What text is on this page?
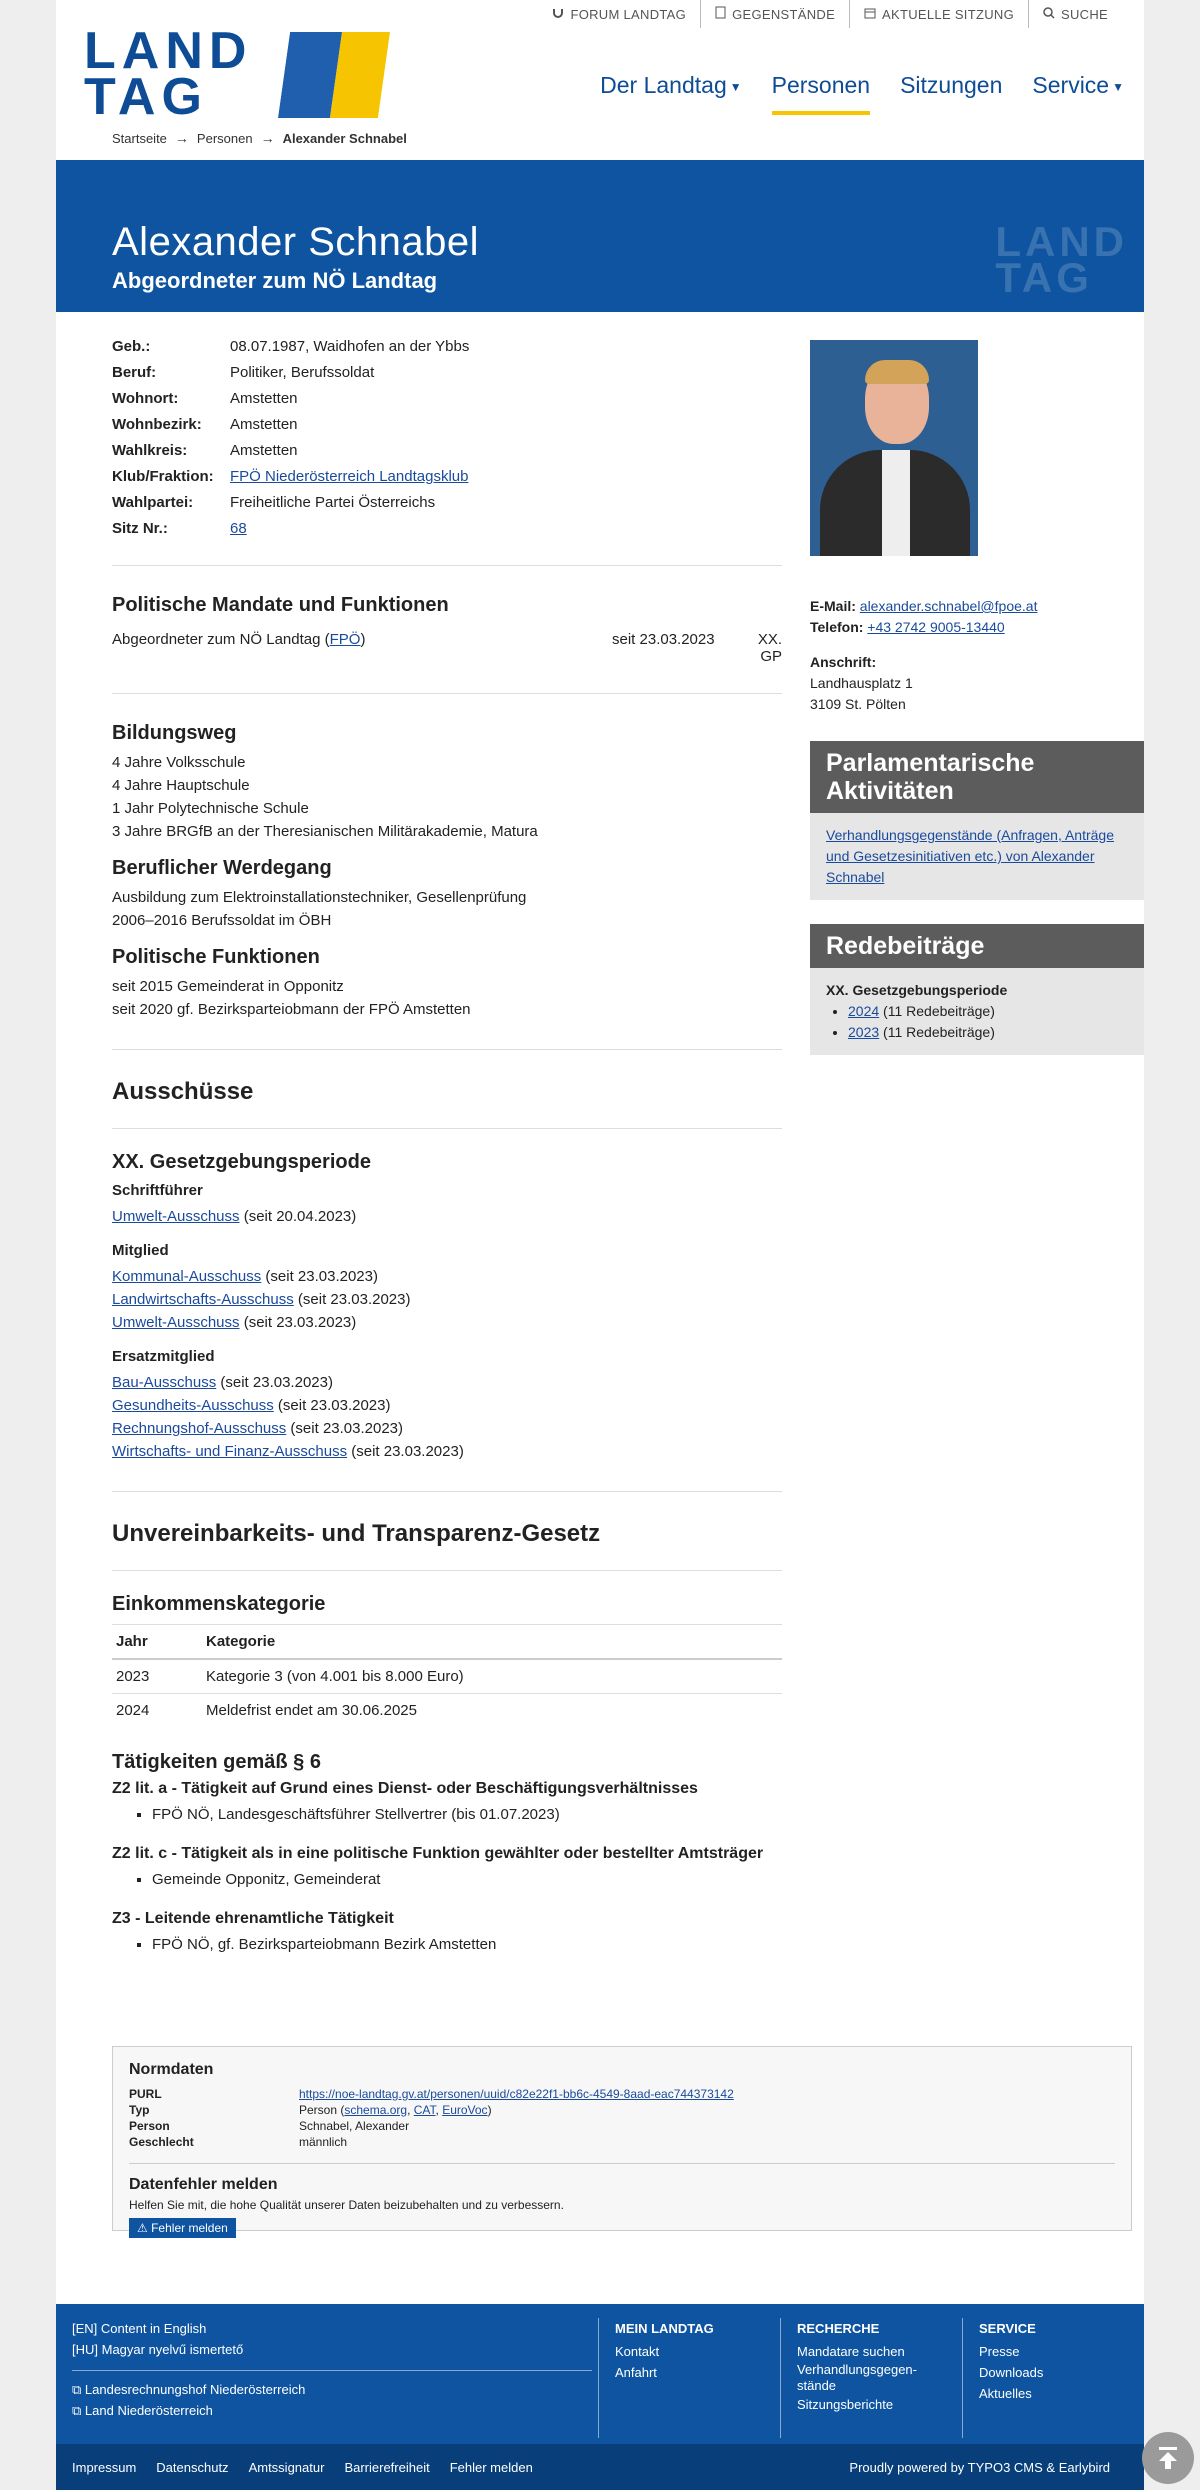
FORUM LANDTAG	GEGENSTÄNDE	AKTUELLE SITZUNG	SUCHE
LAND
TAG	Der Landtag ▼ Personen Sitzungen Service ▼
Startseite → Personen → Alexander Schnabel
Alexander Schnabel
Abgeordneter zum NÖ Landtag
LAND
TAG
Geb.:	08.07.1987, Waidhofen an der Ybbs
Beruf:	Politiker, Berufssoldat
Wohnort:	Amstetten
Wohnbezirk:	Amstetten
Wahlkreis:	Amstetten
Klub/Fraktion:	FPÖ Niederösterreich Landtagsklub
Wahlpartei:	Freiheitliche Partei Österreichs
Sitz Nr.:	68
Politische Mandate und Funktionen
Abgeordneter zum NÖ Landtag (FPÖ)	seit 23.03.2023	XX. GP
Bildungsweg

4 Jahre Volksschule

4 Jahre Hauptschule

1 Jahr Polytechnische Schule

3 Jahre BRGfB an der Theresianischen Militärakademie, Matura

Beruflicher Werdegang

Ausbildung zum Elektroinstallationstechniker, Gesellenprüfung

2006–2016 Berufssoldat im ÖBH

Politische Funktionen

seit 2015 Gemeinderat in Opponitz

seit 2020 gf. Bezirksparteiobmann der FPÖ Amstetten

Ausschüsse
XX. Gesetzgebungsperiode
Schriftführer

Umwelt-Ausschuss (seit 20.04.2023)

Mitglied

Kommunal-Ausschuss (seit 23.03.2023)

Landwirtschafts-Ausschuss (seit 23.03.2023)

Umwelt-Ausschuss (seit 23.03.2023)

Ersatzmitglied

Bau-Ausschuss (seit 23.03.2023)

Gesundheits-Ausschuss (seit 23.03.2023)

Rechnungshof-Ausschuss (seit 23.03.2023)

Wirtschafts- und Finanz-Ausschuss (seit 23.03.2023)

Unvereinbarkeits- und Transparenz-Gesetz
Einkommenskategorie
Jahr	Kategorie
2023	Kategorie 3 (von 4.001 bis 8.000 Euro)
2024	Meldefrist endet am 30.06.2025
Tätigkeiten gemäß § 6
Z2 lit. a - Tätigkeit auf Grund eines Dienst- oder Beschäftigungsverhältnisses
▪ FPÖ NÖ, Landesgeschäftsführer Stellvertrer (bis 01.07.2023)
Z2 lit. c - Tätigkeit als in eine politische Funktion gewählter oder bestellter Amtsträger
▪ Gemeinde Opponitz, Gemeinderat
Z3 - Leitende ehrenamtliche Tätigkeit
▪ FPÖ NÖ, gf. Bezirksparteiobmann Bezirk Amstetten
E-Mail: alexander.schnabel@fpoe.at
Telefon: +43 2742 9005-13440
Anschrift:
Landhausplatz 1
3109 St. Pölten
Parlamentarische Aktivitäten
Verhandlungsgegenstände (Anfragen, Anträge und Gesetzesinitiativen etc.) von Alexander Schnabel
Redebeiträge
XX. Gesetzgebungsperiode
• 2024 (11 Redebeiträge)
• 2023 (11 Redebeiträge)
Normdaten
PURL	https://noe-landtag.gv.at/personen/uuid/c82e22f1-bb6c-4549-8aad-eac744373142
Typ	Person (schema.org, CAT, EuroVoc)
Person	Schnabel, Alexander
Geschlecht	männlich
Datenfehler melden
Helfen Sie mit, die hohe Qualität unserer Daten beizubehalten und zu verbessern.
⚠ Fehler melden
[EN] Content in English
[HU] Magyar nyelvű ismertető
⧉ Landesrechnungshof Niederösterreich
⧉ Land Niederösterreich
MEIN LANDTAG
Kontakt
Anfahrt
RECHERCHE
Mandatare suchen
Verhandlungsgegen-stände
Sitzungsberichte
SERVICE
Presse
Downloads
Aktuelles
Impressum Datenschutz Amtssignatur Barrierefreiheit Fehler melden	Proudly powered by TYPO3 CMS & Earlybird
